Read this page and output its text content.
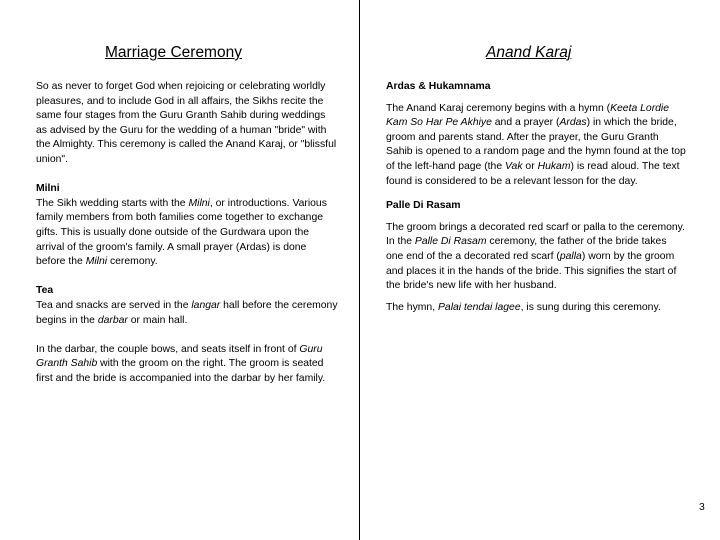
Marriage Ceremony	Anand Karaj

So as never to forget God when rejoicing or celebrating worldly pleasures, and to include God in all affairs, the Sikhs recite the same four stages from the Guru Granth Sahib during weddings as advised by the Guru for the wedding of a human "bride" with the Almighty. This ceremony is called the Anand Karaj, or "blissful union".

Milni

The Sikh wedding starts with the Milni, or introductions. Various family members from both families come together to exchange gifts. This is usually done outside of the Gurdwara upon the arrival of the groom's family. A small prayer (Ardas) is done before the Milni ceremony.

Tea

Tea and snacks are served in the langar hall before the ceremony begins in the darbar or main hall.

In the darbar, the couple bows, and seats itself in front of Guru Granth Sahib with the groom on the right. The groom is seated first and the bride is accompanied into the darbar by her family.

Ardas & Hukamnama

The Anand Karaj ceremony begins with a hymn (Keeta Lordie Kam So Har Pe Akhiye and a prayer (Ardas) in which the bride, groom and parents stand. After the prayer, the Guru Granth Sahib is opened to a random page and the hymn found at the top of the left-hand page (the Vak or Hukam) is read aloud. The text found is considered to be a relevant lesson for the day.

Palle Di Rasam

The groom brings a decorated red scarf or palla to the ceremony. In the Palle Di Rasam ceremony, the father of the bride takes one end of the a decorated red scarf (palla) worn by the groom and places it in the hands of the bride. This signifies the start of the bride's new life with her husband.

The hymn, Palai tendai lagee, is sung during this ceremony.

3
